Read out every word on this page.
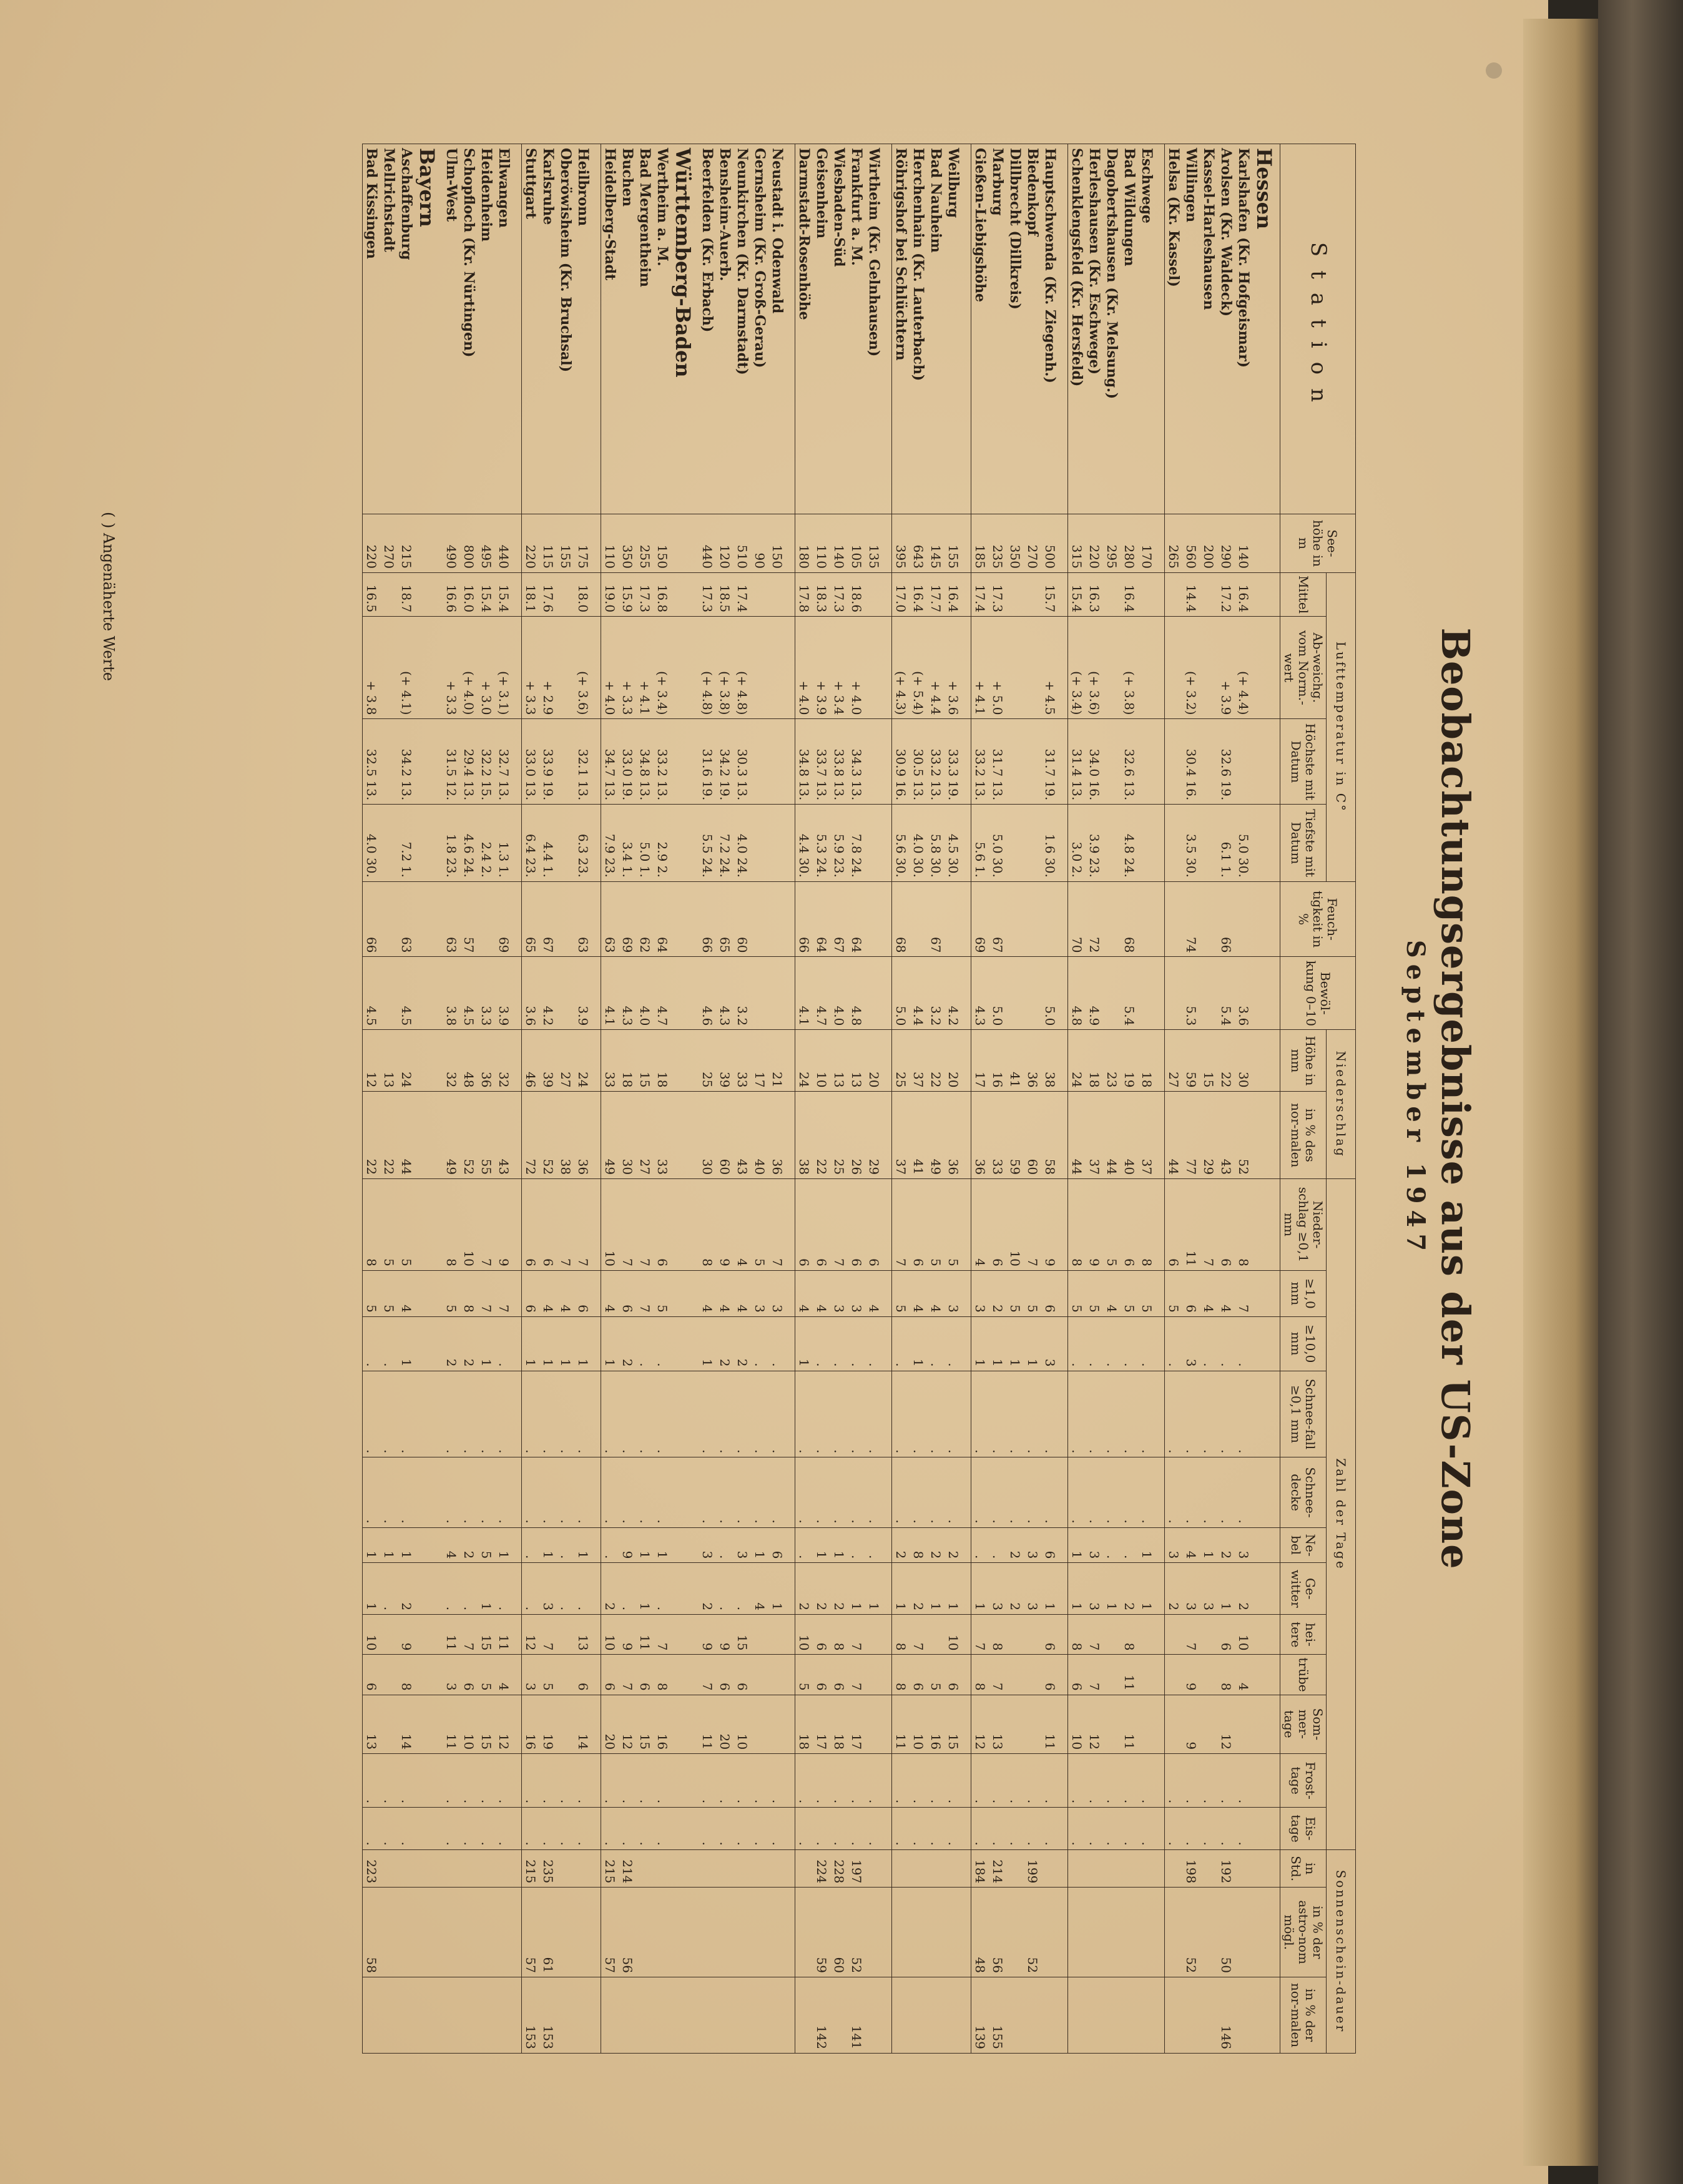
Beobachtungsergebnisse aus der US-Zone
September 1947
Station	See-höhe in m	Lufttemperatur in C°				Feuch-tigkeit in %	Bewöl-kung 0–10	Niederschlag		Zahl der Tage												Sonnenschein-dauer		
		Mittel	Ab-weichg. vom Norm.-wert	Höchste mit Datum	Tiefste mit Datum			Höhe in mm	in % des nor-malen	Nieder-schlag ≥0,1 mm	≥1,0 mm	≥10,0 mm	Schnee-fall ≥0,1 mm	Schnee-decke	Ne-bel	Ge-witter	hei-tere	trübe	Som-mer-tage	Frost-tage	Eis-tage	in Std.	in % der astro-nom mögl.	in % der nor-malen

Hessen																								
Karlshafen (Kr. Hofgeismar)	140	16.4	(+ 4.4)		5.0 30.		3.6	30	52	8	7	.	.	.	3	2	10	4		.	.			
Arolsen (Kr. Waldeck)	290	17.2	+ 3.9	32.6 19.	6.1 1.	66	5.4	22	43	6	4	.	.	.	2	1	6	8	12	.	.	192	50	146
Kassel-Harleshausen	200							15	29	7	4	.	.	.	1	3				.	.			
Willingen	560	14.4	(+ 3.2)	30.4 16.	3.5 30.	74	5.3	59	77	11	6	3	.	.	4	3	7	9	9	.	.	198	52	
Helsa (Kr. Kassel)	265							27	44	6	5	.	.	.	3	2				.	.			

Eschwege	170							18	37	8	5	.	.	.	1	1				.	.			
Bad Wildungen	280	16.4	(+ 3.8)	32.6 13.	4.8 24.	68	5.4	19	40	6	5	.	.	.	.	2	8	11	11	.	.			
Dagobertshausen (Kr. Melsung.)	295							23	44	5	4	.	.	.	.	1				.	.			
Herleshausen (Kr. Eschwege)	220	16.3	(+ 3.6)	34.0 16.	3.9 23.	72	4.9	18	37	9	5	.	.	.	3	3	7	7	12	.	.			
Schenklengsfeld (Kr. Hersfeld)	315	15.4	(+ 3.4)	31.4 13.	3.0 2.	70	4.8	24	44	8	5	.	.	.	1	1	8	6	10	.	.			

Hauptschwenda (Kr. Ziegenh.)	500	15.7	+ 4.5	31.7 19.	1.6 30.		5.0	38	58	9	6	3	.	.	6	1	6	6	11	.	.			
Biedenkopf	270							36	60	7	5	1	.	.	3	3				.	.	199	52	
Dillbrecht (Dillkreis)	350							41	59	10	5	1	.	.	2	2				.	.			
Marburg	235	17.3	+ 5.0	31.7 13.	5.0 30.	67	5.0	16	33	6	2	1	.	.	.	3	8	7	13	.	.	214	56	155
Gießen-Liebigshöhe	185	17.4	+ 4.1	33.2 13.	5.6 1.	69	4.3	17	36	4	3	1	.	.	.	1	7	8	12	.	.	184	48	139

Weilburg	155	16.4	+ 3.6	33.3 19.	4.5 30.		4.2	20	36	5	3	.	.	.	2	1	10	6	15	.	.			
Bad Nauheim	145	17.7	+ 4.4	33.2 13.	5.8 30.	67	3.2	22	49	5	4	.	.	.	2	1		5	16	.	.			
Herchenhain (Kr. Lauterbach)	643	16.4	(+ 5.4)	30.5 13.	4.0 30.		4.4	37	41	6	4	1	.	.	8	2	7	6	10	.	.			
Röhrigshof bei Schlüchtern	395	17.0	(+ 4.3)	30.9 16.	5.6 30.	68	5.0	25	37	7	5	.	.	.	2	1	8	8	11	.	.			

Wirtheim (Kr. Gelnhausen)	135							20	29	6	4	.	.	.	.	1				.	.			
Frankfurt a. M.	105	18.6	+ 4.0	34.3 13.	7.8 24.	64	4.8	13	26	6	3	.	.	.	.	1	7	7	17	.	.	197	52	141
Wiesbaden-Süd	140	17.3	+ 3.4	33.8 13.	5.9 23.	67	4.0	13	25	7	3	.	.	.	1	2	8	6	18	.	.	228	60	
Geisenheim	110	18.3	+ 3.9	33.7 13.	5.3 24.	64	4.7	10	22	6	4	.	.	.	1	2	6	6	17	.	.	224	59	142
Darmstadt-Rosenhöhe	180	17.8	+ 4.0	34.8 13.	4.4 30.	66	4.1	24	38	6	4	1	.	.	.	2	10	5	18	.	.			

Neustadt i. Odenwald	150							21	36	7	3	.	.	.	6	1				.	.			
Gernsheim (Kr. Groß-Gerau)	90							17	40	5	3	.	.	.	1	4				.	.			
Neunkirchen (Kr. Darmstadt)	510	17.4	(+ 4.8)	30.3 13.	4.0 24.	60	3.2	33	43	4	4	2	.	.	3	.	15	6	10	.	.			
Bensheim-Auerb.	120	18.5	(+ 3.8)	34.2 19.	7.2 24.	65	4.3	39	60	9	4	2	.	.	.	.	9	6	20	.	.			
Beerfelden (Kr. Erbach)	440	17.3	(+ 4.8)	31.6 19.	5.5 24.	66	4.6	25	30	8	4	1	.	.	3	2	9	7	11	.	.			
Württemberg-Baden																								
Wertheim a. M.	150	16.8	(+ 3.4)	33.2 13.	2.9 2.	64	4.7	18	33	6	5	.	.	.	1	.	7	8	16	.	.			
Bad Mergentheim	255	17.3	+ 4.1	34.8 13.	5.0 1.	62	4.0	15	27	7	7	.	.	.	1	1	11	6	15	.	.			
Buchen	350	15.9	+ 3.3	33.0 19.	3.4 1.	69	4.3	18	30	7	6	2	.	.	9	.	9	7	12	.	.	214	56	
Heidelberg-Stadt	110	19.0	+ 4.0	34.7 13.	7.9 23.	63	4.1	33	49	10	4	1	.	.	.	2	10	6	20	.	.	215	57	

Heilbronn	175	18.0	(+ 3.6)	32.1 13.	6.3 23.	63	3.9	24	36	7	6	1	.	.	1	.	13	6	14	.	.			
Oberöwisheim (Kr. Bruchsal)	155							27	38	7	4	1	.	.	.	.				.	.			
Karlsruhe	115	17.6	+ 2.9	33.9 19.	4.4 1.	67	4.2	39	52	6	4	1	.	.	1	3	7	5	19	.	.	235	61	153
Stuttgart	220	18.1	+ 3.3	33.0 13.	6.4 23.	65	3.6	46	72	6	6	1	.	.	.	.	12	3	16	.	.	215	57	153

Ellwangen	440	15.4	(+ 3.1)	32.7 13.	1.3 1.	69	3.9	32	43	9	7	.	.	.	1	.	11	4	12	.	.			
Heidenheim	495	15.4	+ 3.0	32.2 15.	2.4 2.		3.3	36	55	7	7	1	.	.	5	1	15	5	15	.	.			
Schopfloch (Kr. Nürtingen)	800	16.0	(+ 4.0)	29.4 13.	4.6 24.	57	4.5	48	52	10	8	2	.	.	2	.	7	6	10	.	.			
Ulm-West	490	16.6	+ 3.3	31.5 12.	1.8 23.	63	3.8	32	49	8	5	2	.	.	4	.	11	3	11	.	.			
Bayern																								
Aschaffenburg	215	18.7	(+ 4.1)	34.2 13.	7.2 1.	63	4.5	24	44	5	4	1	.	.	1	2	9	8	14	.	.			
Mellrichstadt	270							13	22	5	5	.	.	.	1	.				.	.			
Bad Kissingen	220	16.5	+ 3.8	32.5 13.	4.0 30.	66	4.5	12	22	8	5	.	.	.	1	1	10	6	13	.	.	223	58	
( ) Angenäherte Werte
